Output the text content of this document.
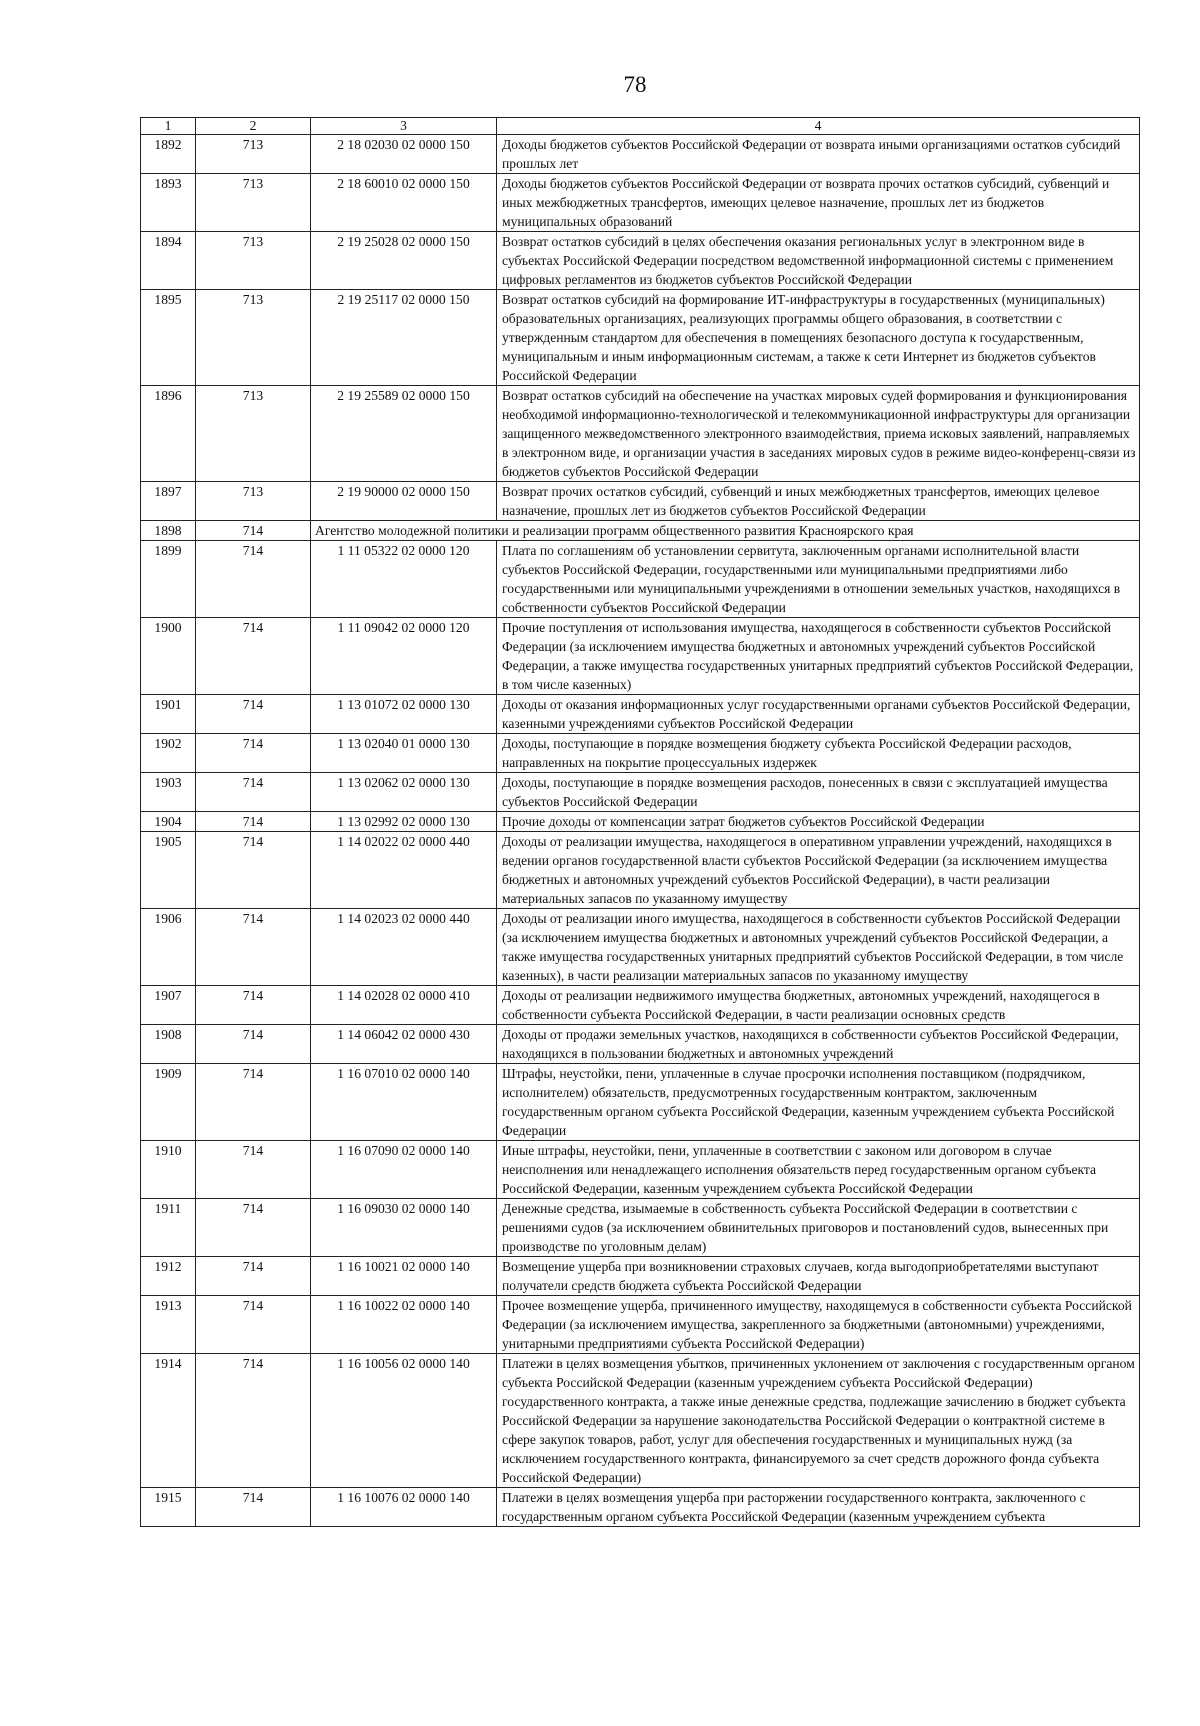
78
1	2	3	4
1892	713	2 18 02030 02 0000 150	Доходы бюджетов субъектов Российской Федерации от возврата иными организациями остатков субсидий прошлых лет
1893	713	2 18 60010 02 0000 150	Доходы бюджетов субъектов Российской Федерации от возврата прочих остатков субсидий, субвенций и иных межбюджетных трансфертов, имеющих целевое назначение, прошлых лет из бюджетов муниципальных образований
1894	713	2 19 25028 02 0000 150	Возврат остатков субсидий в целях обеспечения оказания региональных услуг в электронном виде в субъектах Российской Федерации посредством ведомственной информационной системы с применением цифровых регламентов из бюджетов субъектов Российской Федерации
1895	713	2 19 25117 02 0000 150	Возврат остатков субсидий на формирование ИТ-инфраструктуры в государственных (муниципальных) образовательных организациях, реализующих программы общего образования, в соответствии с утвержденным стандартом для обеспечения в помещениях безопасного доступа к государственным, муниципальным и иным информационным системам, а также к сети Интернет из бюджетов субъектов Российской Федерации
1896	713	2 19 25589 02 0000 150	Возврат остатков субсидий на обеспечение на участках мировых судей формирования и функционирования необходимой информационно-технологической и телекоммуникационной инфраструктуры для организации защищенного межведомственного электронного взаимодействия, приема исковых заявлений, направляемых в электронном виде, и организации участия в заседаниях мировых судов в режиме видео-конференц-связи из бюджетов субъектов Российской Федерации
1897	713	2 19 90000 02 0000 150	Возврат прочих остатков субсидий, субвенций и иных межбюджетных трансфертов, имеющих целевое назначение, прошлых лет из бюджетов субъектов Российской Федерации
1898	714	Агентство молодежной политики и реализации программ общественного развития Красноярского края	
1899	714	1 11 05322 02 0000 120	Плата по соглашениям об установлении сервитута, заключенным органами исполнительной власти субъектов Российской Федерации, государственными или муниципальными предприятиями либо государственными или муниципальными учреждениями в отношении земельных участков, находящихся в собственности субъектов Российской Федерации
1900	714	1 11 09042 02 0000 120	Прочие поступления от использования имущества, находящегося в собственности субъектов Российской Федерации (за исключением имущества бюджетных и автономных учреждений субъектов Российской Федерации, а также имущества государственных унитарных предприятий субъектов Российской Федерации, в том числе казенных)
1901	714	1 13 01072 02 0000 130	Доходы от оказания информационных услуг государственными органами субъектов Российской Федерации, казенными учреждениями субъектов Российской Федерации
1902	714	1 13 02040 01 0000 130	Доходы, поступающие в порядке возмещения бюджету субъекта Российской Федерации расходов, направленных на покрытие процессуальных издержек
1903	714	1 13 02062 02 0000 130	Доходы, поступающие в порядке возмещения расходов, понесенных в связи с эксплуатацией имущества субъектов Российской Федерации
1904	714	1 13 02992 02 0000 130	Прочие доходы от компенсации затрат бюджетов субъектов Российской Федерации
1905	714	1 14 02022 02 0000 440	Доходы от реализации имущества, находящегося в оперативном управлении учреждений, находящихся в ведении органов государственной власти субъектов Российской Федерации (за исключением имущества бюджетных и автономных учреждений субъектов Российской Федерации), в части реализации материальных запасов по указанному имуществу
1906	714	1 14 02023 02 0000 440	Доходы от реализации иного имущества, находящегося в собственности субъектов Российской Федерации (за исключением имущества бюджетных и автономных учреждений субъектов Российской Федерации, а также имущества государственных унитарных предприятий субъектов Российской Федерации, в том числе казенных), в части реализации материальных запасов по указанному имуществу
1907	714	1 14 02028 02 0000 410	Доходы от реализации недвижимого имущества бюджетных, автономных учреждений, находящегося в собственности субъекта Российской Федерации, в части реализации основных средств
1908	714	1 14 06042 02 0000 430	Доходы от продажи земельных участков, находящихся в собственности субъектов Российской Федерации, находящихся в пользовании бюджетных и автономных учреждений
1909	714	1 16 07010 02 0000 140	Штрафы, неустойки, пени, уплаченные в случае просрочки исполнения поставщиком (подрядчиком, исполнителем) обязательств, предусмотренных государственным контрактом, заключенным государственным органом субъекта Российской Федерации, казенным учреждением субъекта Российской Федерации
1910	714	1 16 07090 02 0000 140	Иные штрафы, неустойки, пени, уплаченные в соответствии с законом или договором в случае неисполнения или ненадлежащего исполнения обязательств перед государственным органом субъекта Российской Федерации, казенным учреждением субъекта Российской Федерации
1911	714	1 16 09030 02 0000 140	Денежные средства, изымаемые в собственность субъекта Российской Федерации в соответствии с решениями судов (за исключением обвинительных приговоров и постановлений судов, вынесенных при производстве по уголовным делам)
1912	714	1 16 10021 02 0000 140	Возмещение ущерба при возникновении страховых случаев, когда выгодоприобретателями выступают получатели средств бюджета субъекта Российской Федерации
1913	714	1 16 10022 02 0000 140	Прочее возмещение ущерба, причиненного имуществу, находящемуся в собственности субъекта Российской Федерации (за исключением имущества, закрепленного за бюджетными (автономными) учреждениями, унитарными предприятиями субъекта Российской Федерации)
1914	714	1 16 10056 02 0000 140	Платежи в целях возмещения убытков, причиненных уклонением от заключения с государственным органом субъекта Российской Федерации (казенным учреждением субъекта Российской Федерации) государственного контракта, а также иные денежные средства, подлежащие зачислению в бюджет субъекта Российской Федерации за нарушение законодательства Российской Федерации о контрактной системе в сфере закупок товаров, работ, услуг для обеспечения государственных и муниципальных нужд (за исключением государственного контракта, финансируемого за счет средств дорожного фонда субъекта Российской Федерации)
1915	714	1 16 10076 02 0000 140	Платежи в целях возмещения ущерба при расторжении государственного контракта, заключенного с государственным органом субъекта Российской Федерации (казенным учреждением субъекта
